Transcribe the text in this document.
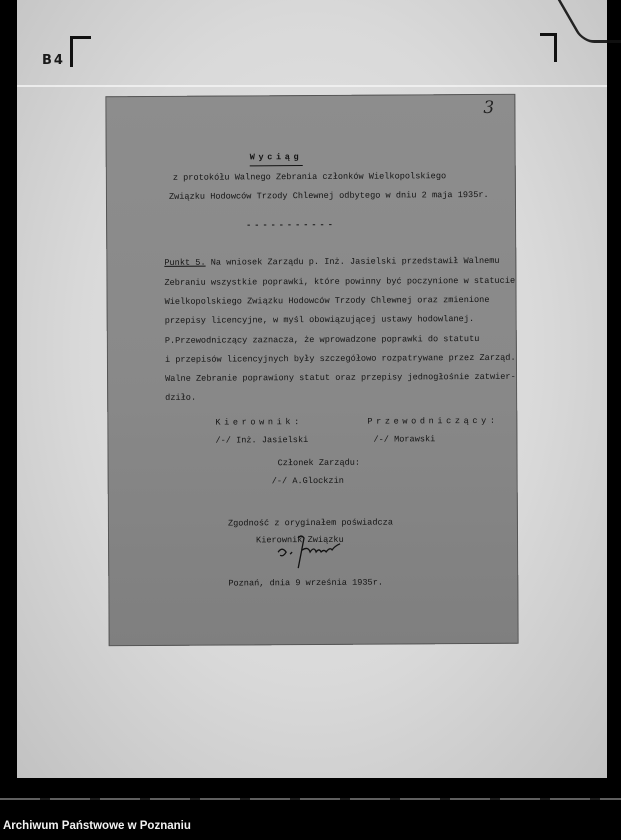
B4
3
Wyciąg
z protokółu Walnego Zebrania członków Wielkopolskiego
Związku Hodowców Trzody Chlewnej odbytego w dniu 2 maja 1935r.
-----------
Punkt 5. Na wniosek Zarządu p. Inż. Jasielski przedstawił Walnemu
Zebraniu wszystkie poprawki, które powinny być poczynione w statucie
Wielkopolskiego Związku Hodowców Trzody Chlewnej oraz zmienione
przepisy licencyjne, w myśl obowiązującej ustawy hodowlanej.
P.Przewodniczący zaznacza, że wprowadzone poprawki do statutu
i przepisów licencyjnych były szczegółowo rozpatrywane przez Zarząd.
Walne Zebranie poprawiony statut oraz przepisy jednogłośnie zatwier-
dziło.
Kierownik:
/-/ Inż. Jasielski
Przewodniczący:
/-/ Morawski
Członek Zarządu:
/-/ A.Glockzin
Zgodność z oryginałem poświadcza
Kierownik Związku
Poznań, dnia 9 września 1935r.
Archiwum Państwowe w Poznaniu
